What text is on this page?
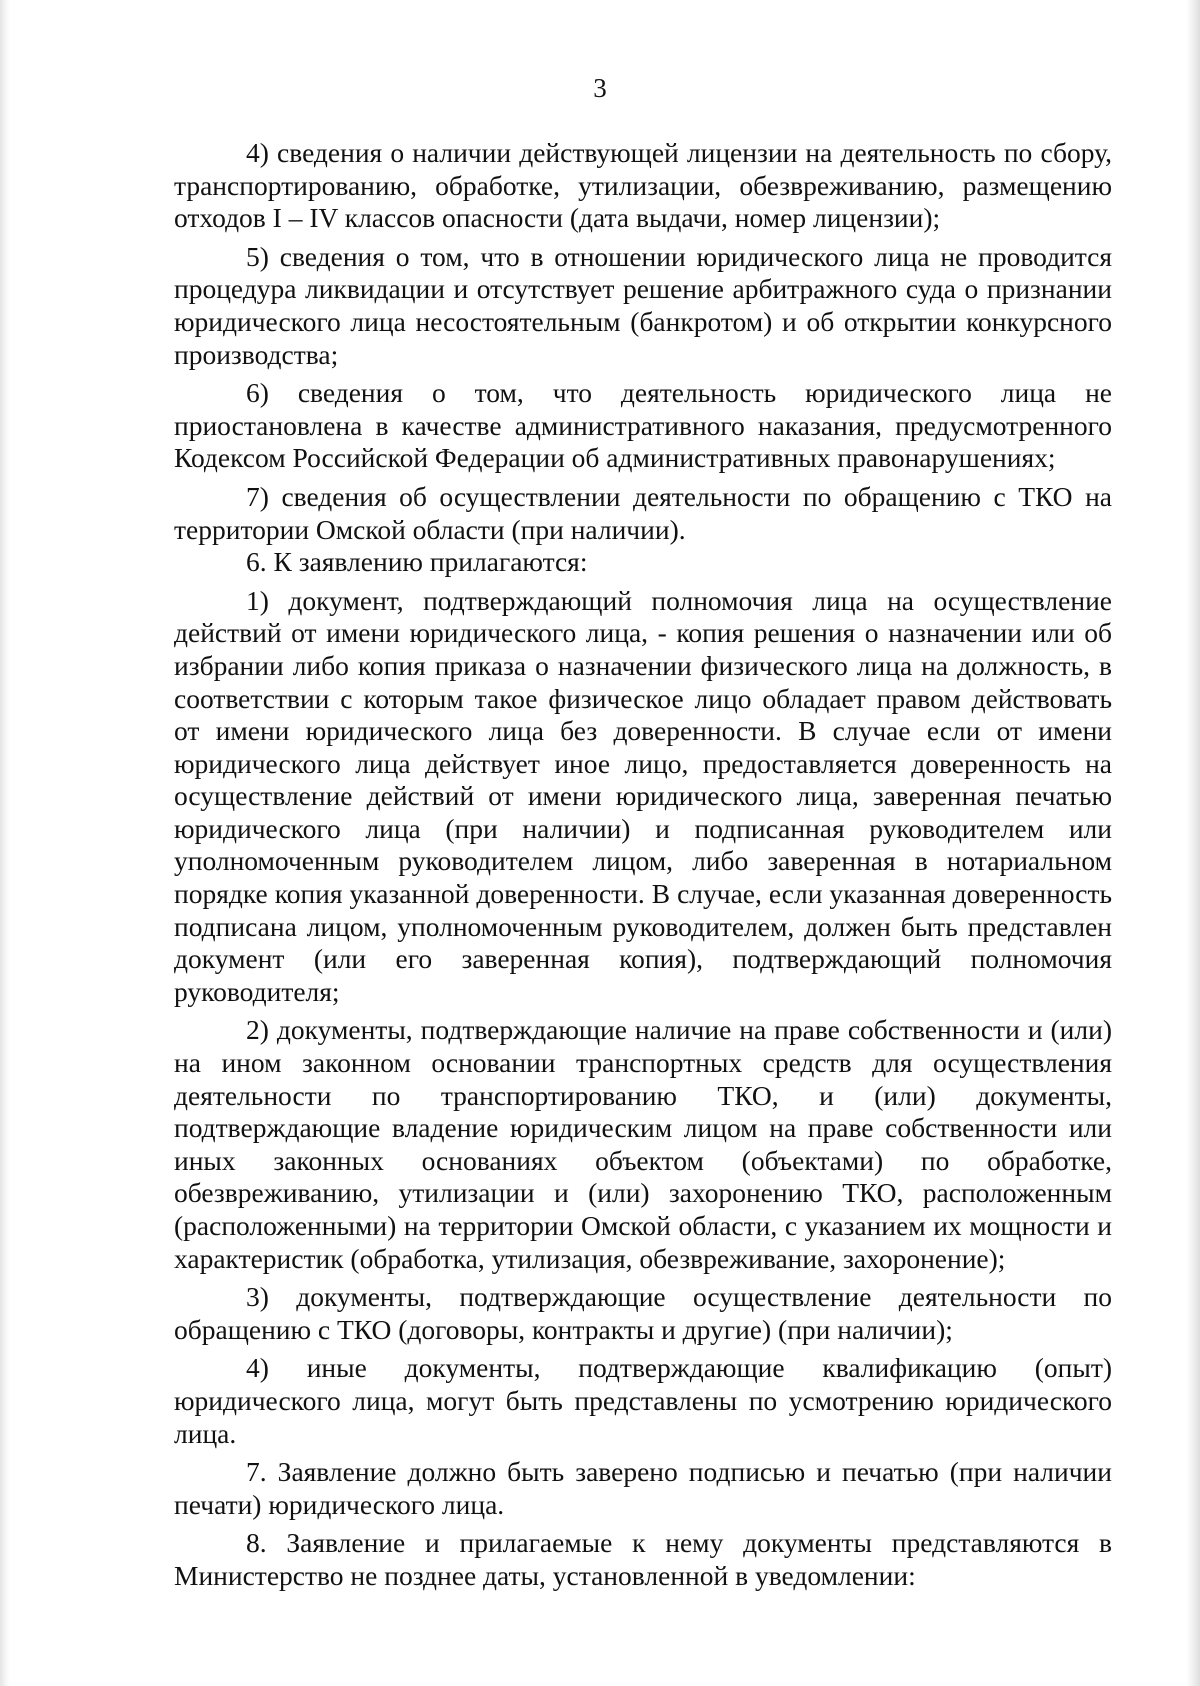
3

4) сведения о наличии действующей лицензии на деятельность по сбору, транспортированию, обработке, утилизации, обезвреживанию, размещению отходов I – IV классов опасности (дата выдачи, номер лицензии);

5) сведения о том, что в отношении юридического лица не проводится процедура ликвидации и отсутствует решение арбитражного суда о признании юридического лица несостоятельным (банкротом) и об открытии конкурсного производства;

6) сведения о том, что деятельность юридического лица не приостановлена в качестве административного наказания, предусмотренного Кодексом Российской Федерации об административных правонарушениях;

7) сведения об осуществлении деятельности по обращению с ТКО на территории Омской области (при наличии).

6. К заявлению прилагаются:

1) документ, подтверждающий полномочия лица на осуществление действий от имени юридического лица, - копия решения о назначении или об избрании либо копия приказа о назначении физического лица на должность, в соответствии с которым такое физическое лицо обладает правом действовать от имени юридического лица без доверенности. В случае если от имени юридического лица действует иное лицо, предоставляется доверенность на осуществление действий от имени юридического лица, заверенная печатью юридического лица (при наличии) и подписанная руководителем или уполномоченным руководителем лицом, либо заверенная в нотариальном порядке копия указанной доверенности. В случае, если указанная доверенность подписана лицом, уполномоченным руководителем, должен быть представлен документ (или его заверенная копия), подтверждающий полномочия руководителя;

2) документы, подтверждающие наличие на праве собственности и (или) на ином законном основании транспортных средств для осуществления деятельности по транспортированию ТКО, и (или) документы, подтверждающие владение юридическим лицом на праве собственности или иных законных основаниях объектом (объектами) по обработке, обезвреживанию, утилизации и (или) захоронению ТКО, расположенным (расположенными) на территории Омской области, с указанием их мощности и характеристик (обработка, утилизация, обезвреживание, захоронение);

3) документы, подтверждающие осуществление деятельности по обращению с ТКО (договоры, контракты и другие) (при наличии);

4) иные документы, подтверждающие квалификацию (опыт) юридического лица, могут быть представлены по усмотрению юридического лица.

7. Заявление должно быть заверено подписью и печатью (при наличии печати) юридического лица.

8. Заявление и прилагаемые к нему документы представляются в Министерство не позднее даты, установленной в уведомлении:
